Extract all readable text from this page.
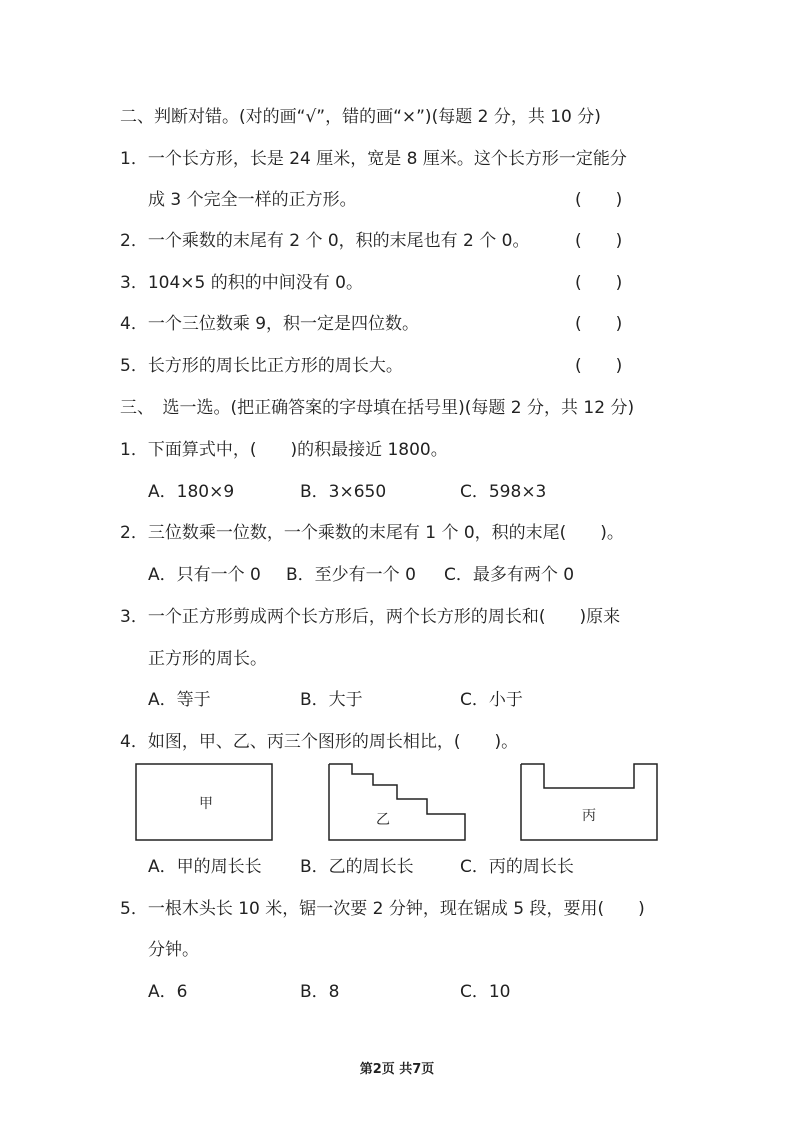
二、判断对错。(对的画“√”，错的画“×”)(每题 2 分，共 10 分)
1．一个长方形，长是 24 厘米，宽是 8 厘米。这个长方形一定能分
成 3 个完全一样的正方形。	(　　)
2．一个乘数的末尾有 2 个 0，积的末尾也有 2 个 0。	(　　)
3．104×5 的积的中间没有 0。	(　　)
4．一个三位数乘 9，积一定是四位数。	(　　)
5．长方形的周长比正方形的周长大。	(　　)
三、　选一选。(把正确答案的字母填在括号里)(每题 2 分，共 12 分)
1．下面算式中，(　　)的积最接近 1800。
A．180×9	B．3×650	C．598×3
2．三位数乘一位数，一个乘数的末尾有 1 个 0，积的末尾(　　)。
A．只有一个 0 B．至少有一个 0 C．最多有两个 0
3．一个正方形剪成两个长方形后，两个长方形的周长和(　　)原来
正方形的周长。
A．等于	B．大于	C．小于
4．如图，甲、乙、丙三个图形的周长相比，(　　)。
甲
乙	丙
A．甲的周长长 B．乙的周长长	C．丙的周长长
5．一根木头长 10 米，锯一次要 2 分钟，现在锯成 5 段，要用(　　)
分钟。
A．6	B．8	C．10
第2页 共7页
